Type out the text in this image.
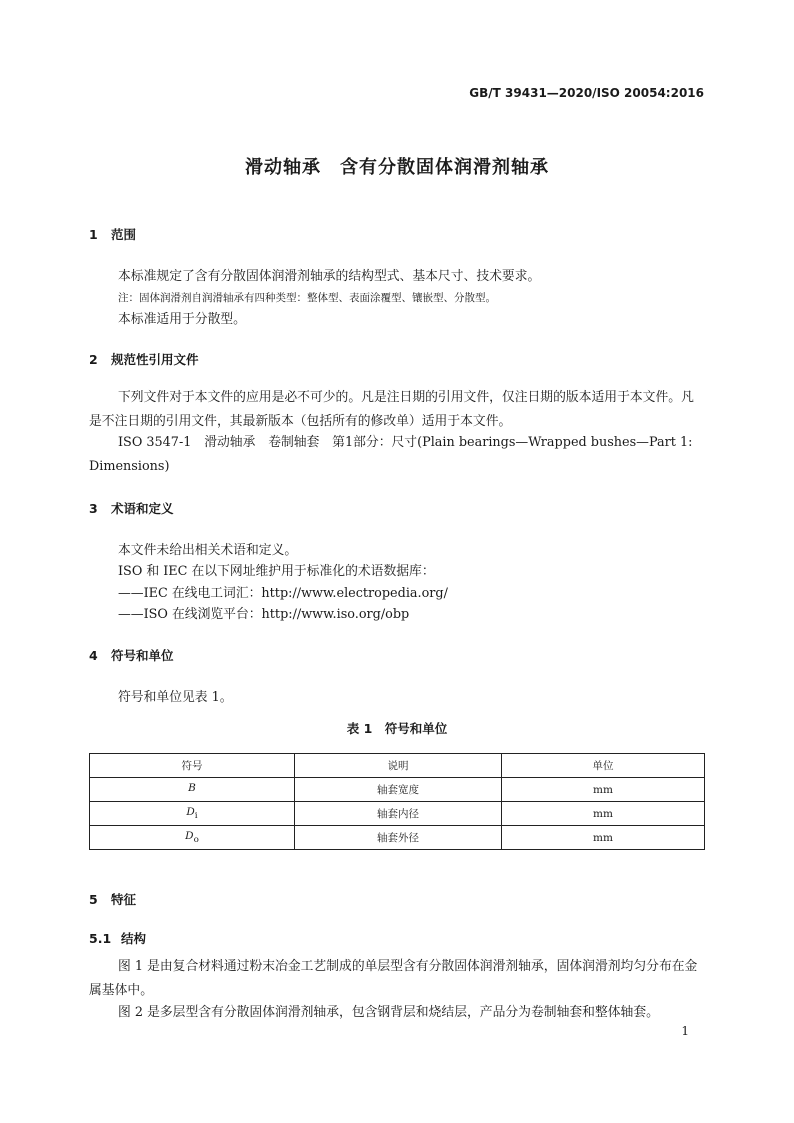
GB/T 39431—2020/ISO 20054:2016
滑动轴承　含有分散固体润滑剂轴承
1 范围
本标准规定了含有分散固体润滑剂轴承的结构型式、基本尺寸、技术要求。
注：固体润滑剂自润滑轴承有四种类型：整体型、表面涂覆型、镶嵌型、分散型。
本标准适用于分散型。
2 规范性引用文件
下列文件对于本文件的应用是必不可少的。凡是注日期的引用文件，仅注日期的版本适用于本文件。凡是不注日期的引用文件，其最新版本（包括所有的修改单）适用于本文件。
ISO 3547-1　滑动轴承　卷制轴套　第1部分：尺寸(Plain bearings—Wrapped bushes—Part 1: Dimensions)
3 术语和定义
本文件未给出相关术语和定义。
ISO 和 IEC 在以下网址维护用于标准化的术语数据库：
——IEC 在线电工词汇：http://www.electropedia.org/
——ISO 在线浏览平台：http://www.iso.org/obp
4 符号和单位
符号和单位见表 1。
表 1　符号和单位
符号	说明	单位
B	轴套宽度	mm
$D_i$	轴套内径	mm
$D_o$	轴套外径	mm
5 特征
5.1 结构
图 1 是由复合材料通过粉末冶金工艺制成的单层型含有分散固体润滑剂轴承，固体润滑剂均匀分布在金属基体中。
图 2 是多层型含有分散固体润滑剂轴承，包含钢背层和烧结层，产品分为卷制轴套和整体轴套。
1
